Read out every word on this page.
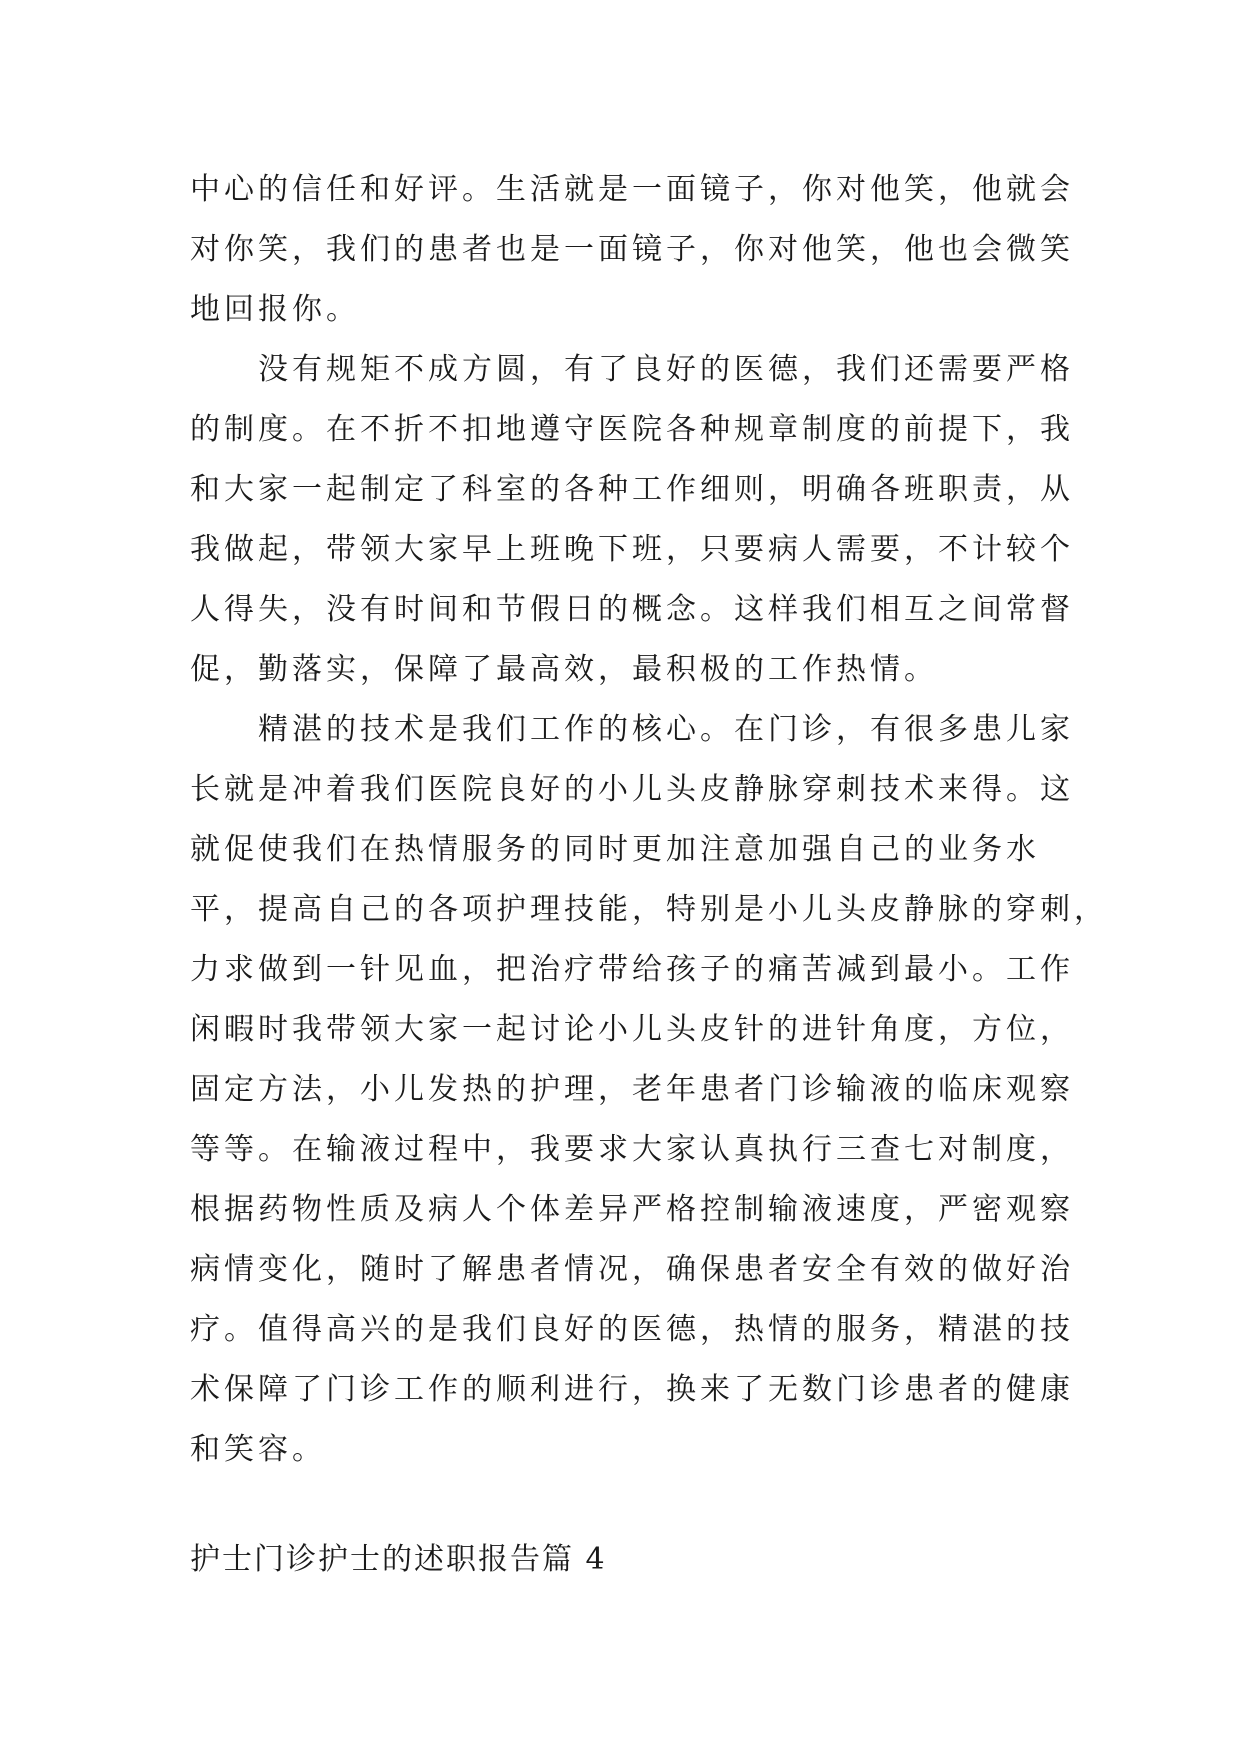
中心的信任和好评。生活就是一面镜子，你对他笑，他就会
对你笑，我们的患者也是一面镜子，你对他笑，他也会微笑
地回报你。
没有规矩不成方圆，有了良好的医德，我们还需要严格
的制度。在不折不扣地遵守医院各种规章制度的前提下，我
和大家一起制定了科室的各种工作细则，明确各班职责，从
我做起，带领大家早上班晚下班，只要病人需要，不计较个
人得失，没有时间和节假日的概念。这样我们相互之间常督
促，勤落实，保障了最高效，最积极的工作热情。
精湛的技术是我们工作的核心。在门诊，有很多患儿家
长就是冲着我们医院良好的小儿头皮静脉穿刺技术来得。这
就促使我们在热情服务的同时更加注意加强自己的业务水
平，提高自己的各项护理技能，特别是小儿头皮静脉的穿刺，
力求做到一针见血，把治疗带给孩子的痛苦减到最小。工作
闲暇时我带领大家一起讨论小儿头皮针的进针角度，方位，
固定方法，小儿发热的护理，老年患者门诊输液的临床观察
等等。在输液过程中，我要求大家认真执行三查七对制度，
根据药物性质及病人个体差异严格控制输液速度，严密观察
病情变化，随时了解患者情况，确保患者安全有效的做好治
疗。值得高兴的是我们良好的医德，热情的服务，精湛的技
术保障了门诊工作的顺利进行，换来了无数门诊患者的健康
和笑容。
护士门诊护士的述职报告篇 4
